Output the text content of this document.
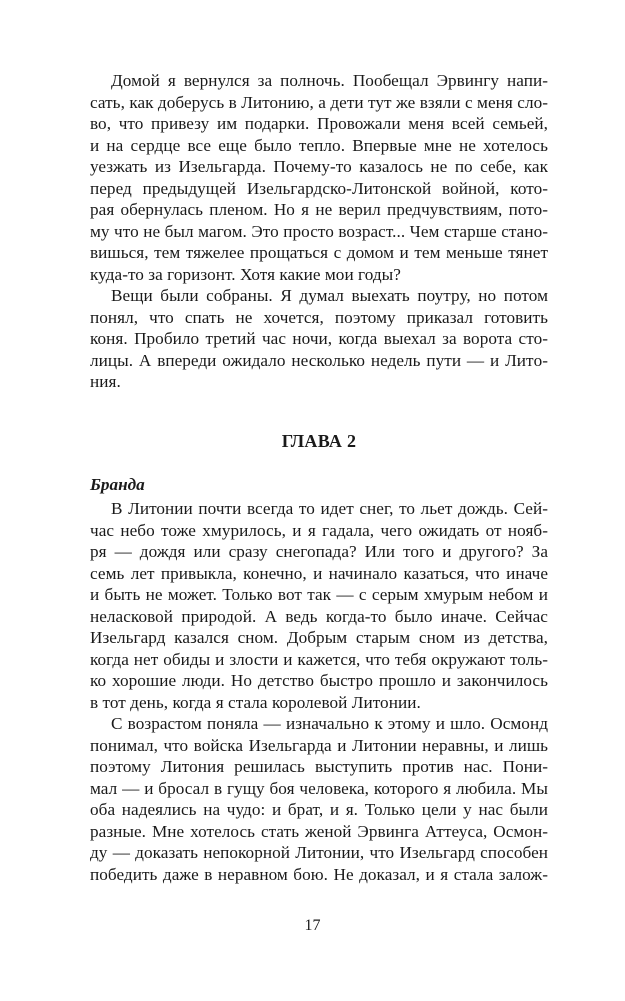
Домой я вернулся за полночь. Пообещал Эрвингу напи-
сать, как доберусь в Литонию, а дети тут же взяли с меня сло-
во, что привезу им подарки. Провожали меня всей семьей,
и на сердце все еще было тепло. Впервые мне не хотелось
уезжать из Изельгарда. Почему-то казалось не по себе, как
перед предыдущей Изельгардско-Литонской войной, кото-
рая обернулась пленом. Но я не верил предчувствиям, пото-
му что не был магом. Это просто возраст... Чем старше стано-
вишься, тем тяжелее прощаться с домом и тем меньше тянет
куда-то за горизонт. Хотя какие мои годы?
Вещи были собраны. Я думал выехать поутру, но потом
понял, что спать не хочется, поэтому приказал готовить
коня. Пробило третий час ночи, когда выехал за ворота сто-
лицы. А впереди ожидало несколько недель пути — и Литo-
ния.
ГЛАВА 2
Бранда
В Литонии почти всегда то идет снег, то льет дождь. Сей-
час небо тоже хмурилось, и я гадала, чего ожидать от нояб-
ря — дождя или сразу снегопада? Или того и другого? За
семь лет привыкла, конечно, и начинало казаться, что иначе
и быть не может. Только вот так — с серым хмурым небом и
неласковой природой. А ведь когда-то было иначе. Сейчас
Изельгард казался сном. Добрым старым сном из детства,
когда нет обиды и злости и кажется, что тебя окружают толь-
ко хорошие люди. Но детство быстро прошло и закончилось
в тот день, когда я стала королевой Литонии.
С возрастом поняла — изначально к этому и шло. Осмонд
понимал, что войска Изельгарда и Литонии неравны, и лишь
поэтому Литония решилась выступить против нас. Пони-
мал — и бросал в гущу боя человека, которого я любила. Мы
оба надеялись на чудо: и брат, и я. Только цели у нас были
разные. Мне хотелось стать женой Эрвинга Аттеуса, Осмон-
ду — доказать непокорной Литонии, что Изельгард способен
победить даже в неравном бою. Не доказал, и я стала залож-
17
